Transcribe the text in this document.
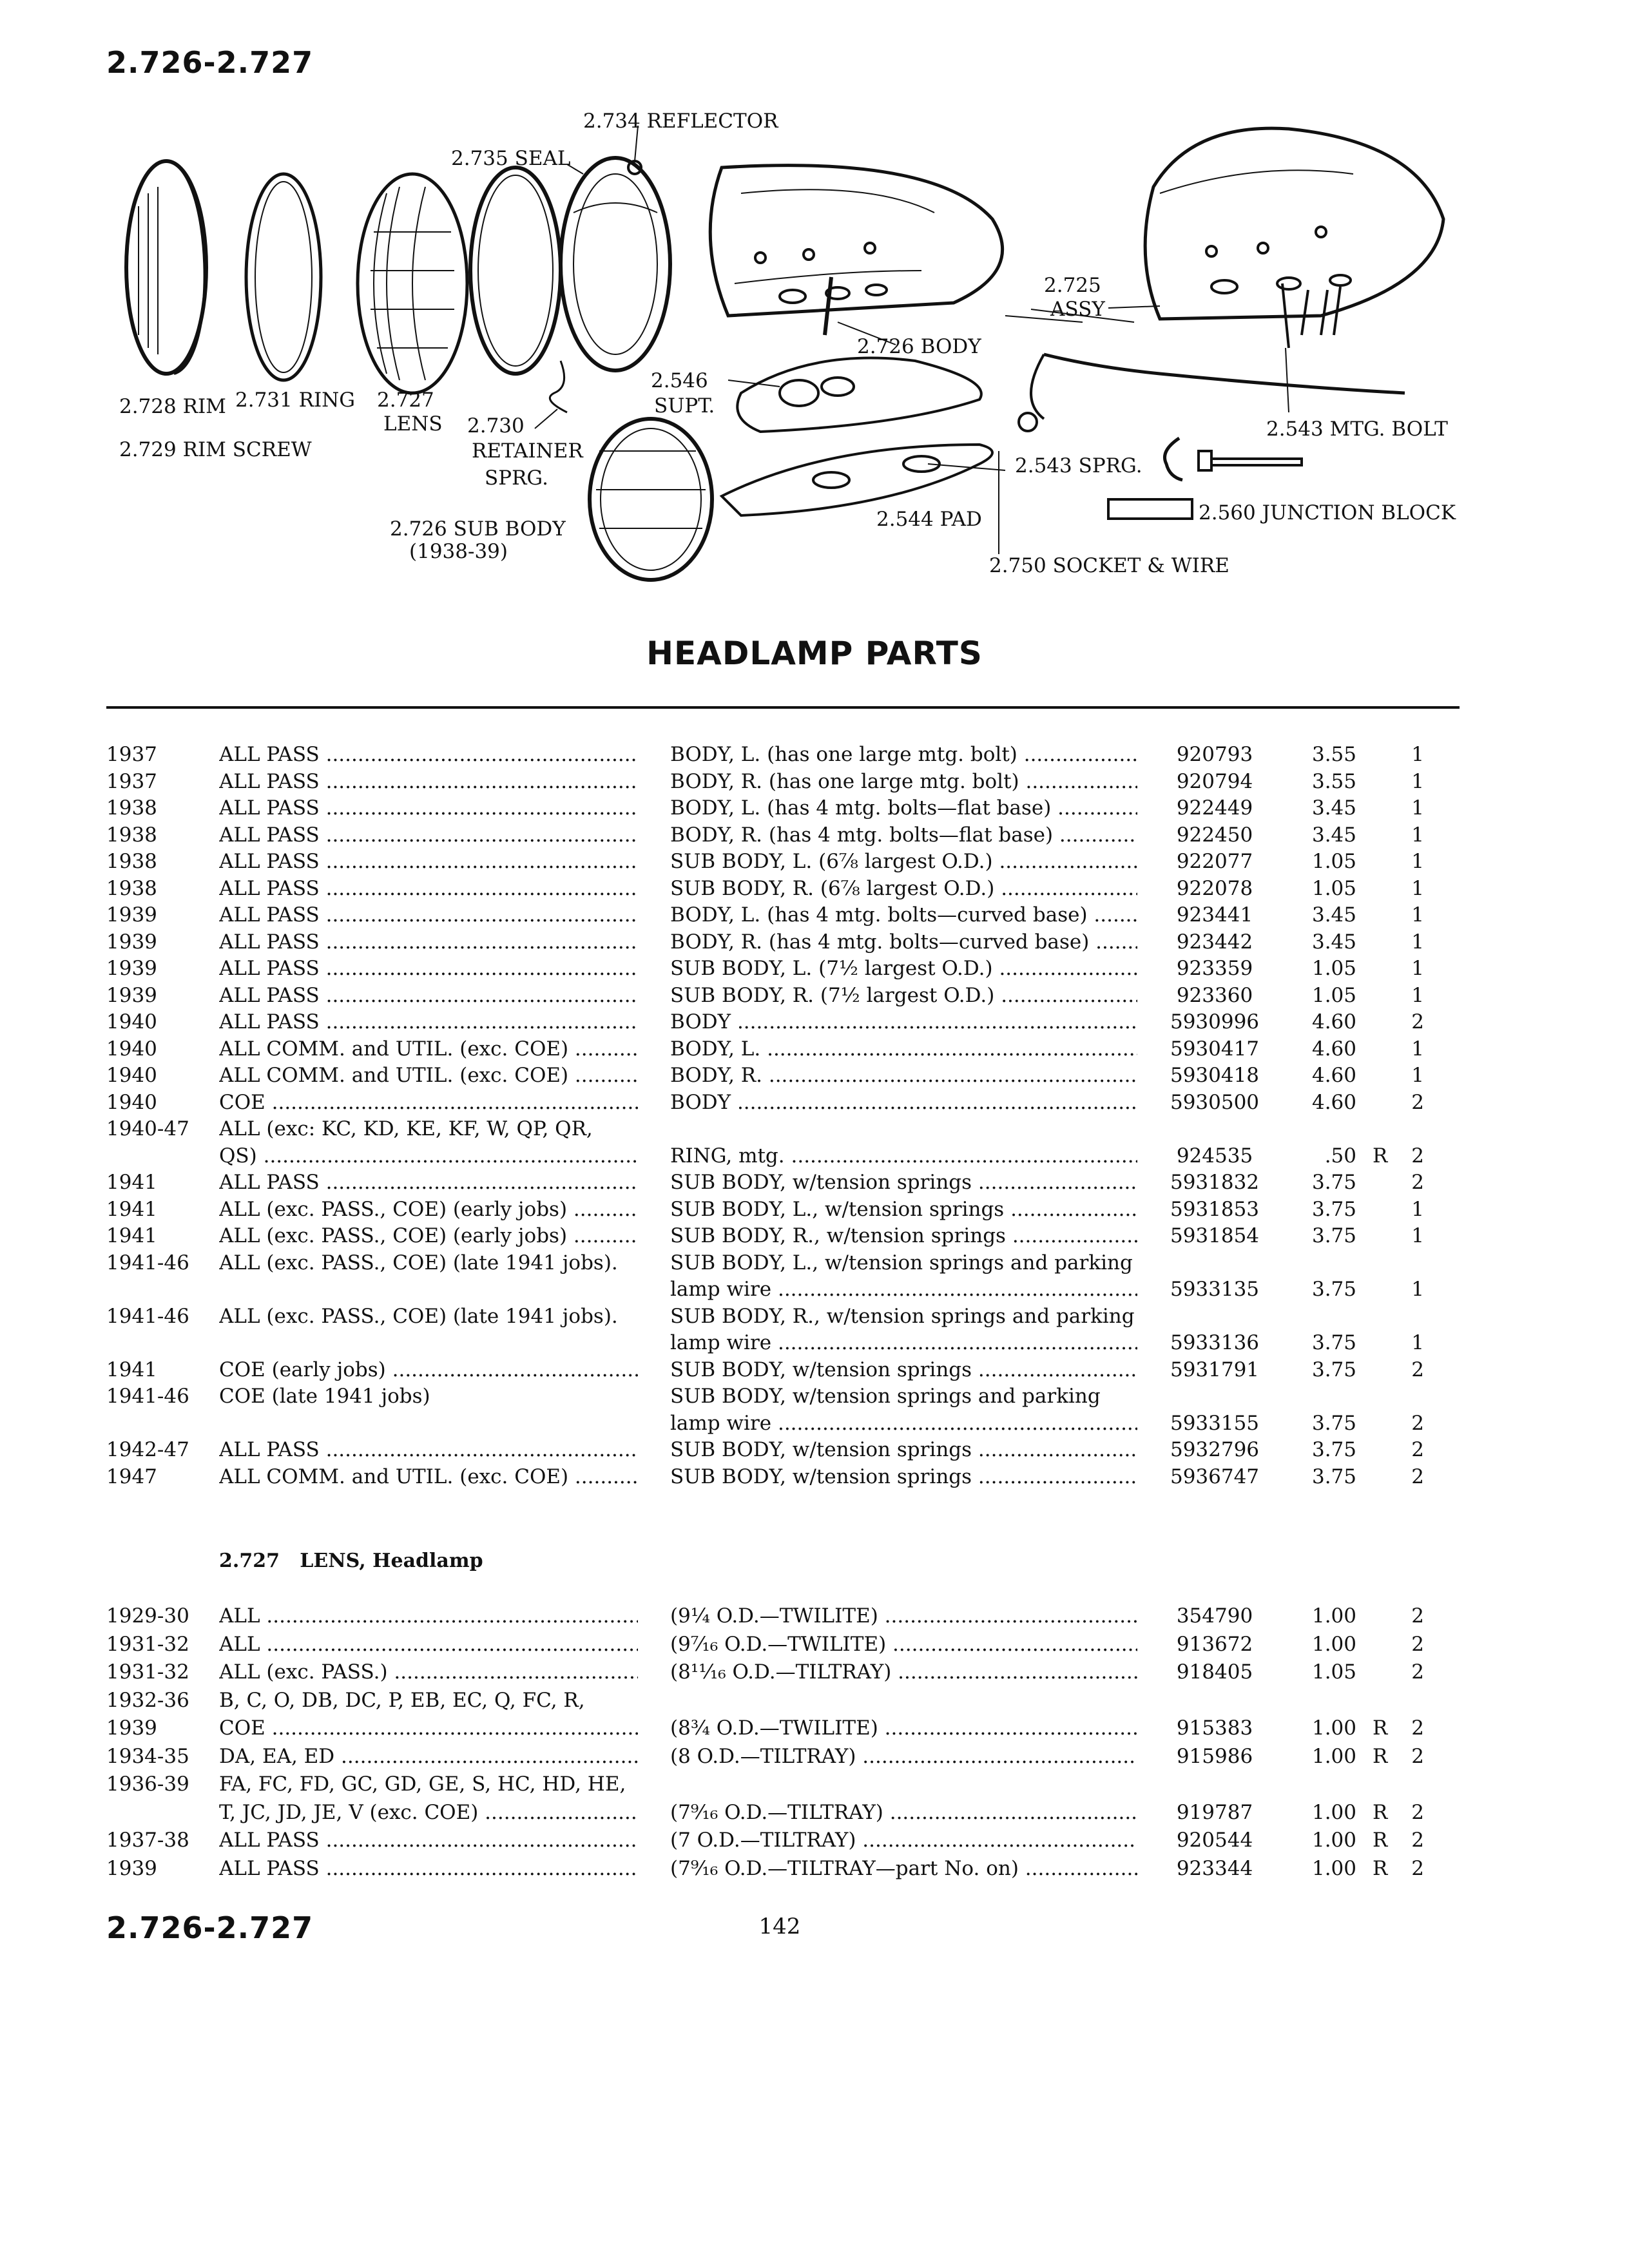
2.726-2.727
2.734 REFLECTOR
2.735 SEAL
2.726 BODY
2.725
ASSY
2.728 RIM 2.731 RING 2.727
LENS 2.730
RETAINER
SPRG.
2.729 RIM SCREW
2.546
SUPT.
2.543 MTG. BOLT
2.543 SPRG.
2.560 JUNCTION BLOCK
2.544 PAD
2.750 SOCKET & WIRE
2.726 SUB BODY
(1938-39)
HEADLAMP PARTS
1937	ALL PASS .....	BODY, L. (has one large mtg. bolt) .....	920793	3.55	1
1937	ALL PASS .....	BODY, R. (has one large mtg. bolt) .....	920794	3.55	1
1938	ALL PASS .....	BODY, L. (has 4 mtg. bolts—flat base) .....	922449	3.45	1
1938	ALL PASS .....	BODY, R. (has 4 mtg. bolts—flat base) .....	922450	3.45	1
1938	ALL PASS .....	SUB BODY, L. (6⅞ largest O.D.) .....	922077	1.05	1
1938	ALL PASS .....	SUB BODY, R. (6⅞ largest O.D.) .....	922078	1.05	1
1939	ALL PASS .....	BODY, L. (has 4 mtg. bolts—curved base) .....	923441	3.45	1
1939	ALL PASS .....	BODY, R. (has 4 mtg. bolts—curved base) .....	923442	3.45	1
1939	ALL PASS .....	SUB BODY, L. (7½ largest O.D.) .....	923359	1.05	1
1939	ALL PASS .....	SUB BODY, R. (7½ largest O.D.) .....	923360	1.05	1
1940	ALL PASS .....	BODY .....	5930996	4.60	2
1940	ALL COMM. and UTIL. (exc. COE) .....	BODY, L. .....	5930417	4.60	1
1940	ALL COMM. and UTIL. (exc. COE) .....	BODY, R. .....	5930418	4.60	1
1940	COE .....	BODY .....	5930500	4.60	2
1940-47 ALL (exc: KC, KD, KE, KF, W, QP, QR,
QS) .....	RING, mtg. .....	924535	.50 R	2
1941	ALL PASS .....	SUB BODY, w/tension springs .....	5931832	3.75	2
1941	ALL (exc. PASS., COE) (early jobs) .....	SUB BODY, L., w/tension springs .....	5931853	3.75	1
1941	ALL (exc. PASS., COE) (early jobs) .....	SUB BODY, R., w/tension springs .....	5931854	3.75	1
1941-46 ALL (exc. PASS., COE) (late 1941 jobs).	SUB BODY, L., w/tension springs and parking
lamp wire .....	5933135	3.75	1
1941-46 ALL (exc. PASS., COE) (late 1941 jobs).	SUB BODY, R., w/tension springs and parking
lamp wire .....	5933136	3.75	1
1941	COE (early jobs) .....	SUB BODY, w/tension springs .....	5931791	3.75	2
1941-46 COE (late 1941 jobs)	SUB BODY, w/tension springs and parking
lamp wire .....	5933155	3.75	2
1942-47 ALL PASS .....	SUB BODY, w/tension springs .....	5932796	3.75	2
1947	ALL COMM. and UTIL. (exc. COE) .....	SUB BODY, w/tension springs .....	5936747	3.75	2
2.727 LENS, Headlamp
1929-30 ALL .....	(9¼ O.D.—TWILITE) .....	354790	1.00	2
1931-32 ALL .....	(9⁷⁄₁₆ O.D.—TWILITE) .....	913672	1.00	2
1931-32 ALL (exc. PASS.) .....	(8¹¹⁄₁₆ O.D.—TILTRAY) .....	918405	1.05	2
1932-36 B, C, O, DB, DC, P, EB, EC, Q, FC, R,
1939	COE .....	(8¾ O.D.—TWILITE) .....	915383	1.00 R	2
1934-35 DA, EA, ED .....	(8 O.D.—TILTRAY) .....	915986	1.00 R	2
1936-39 FA, FC, FD, GC, GD, GE, S, HC, HD, HE,
T, JC, JD, JE, V (exc. COE) .....	(7⁹⁄₁₆ O.D.—TILTRAY) .....	919787	1.00 R	2
1937-38 ALL PASS .....	(7 O.D.—TILTRAY) .....	920544	1.00 R	2
1939	ALL PASS .....	(7⁹⁄₁₆ O.D.—TILTRAY—part No. on) .....	923344	1.00 R	2
142
2.726-2.727
